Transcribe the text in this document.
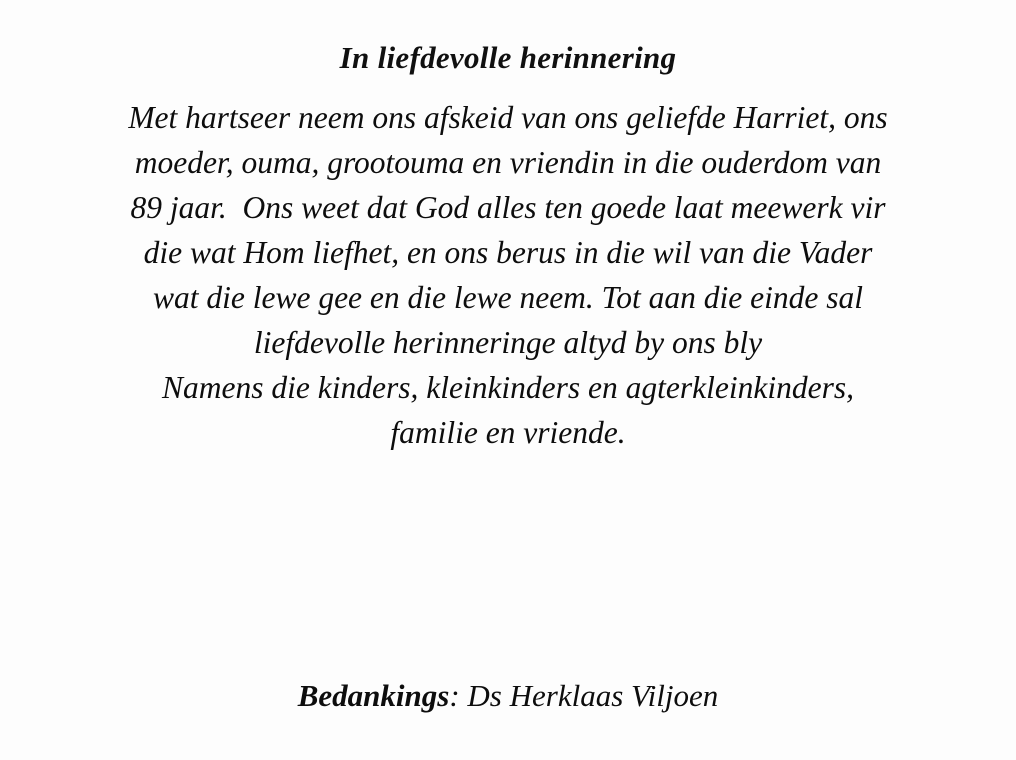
In liefdevolle herinnering
Met hartseer neem ons afskeid van ons geliefde Harriet, ons
moeder, ouma, grootouma en vriendin in die ouderdom van
89 jaar.  Ons weet dat God alles ten goede laat meewerk vir
die wat Hom liefhet, en ons berus in die wil van die Vader
wat die lewe gee en die lewe neem. Tot aan die einde sal
liefdevolle herinneringe altyd by ons bly
Namens die kinders, kleinkinders en agterkleinkinders,
familie en vriende.
Bedankings: Ds Herklaas Viljoen
